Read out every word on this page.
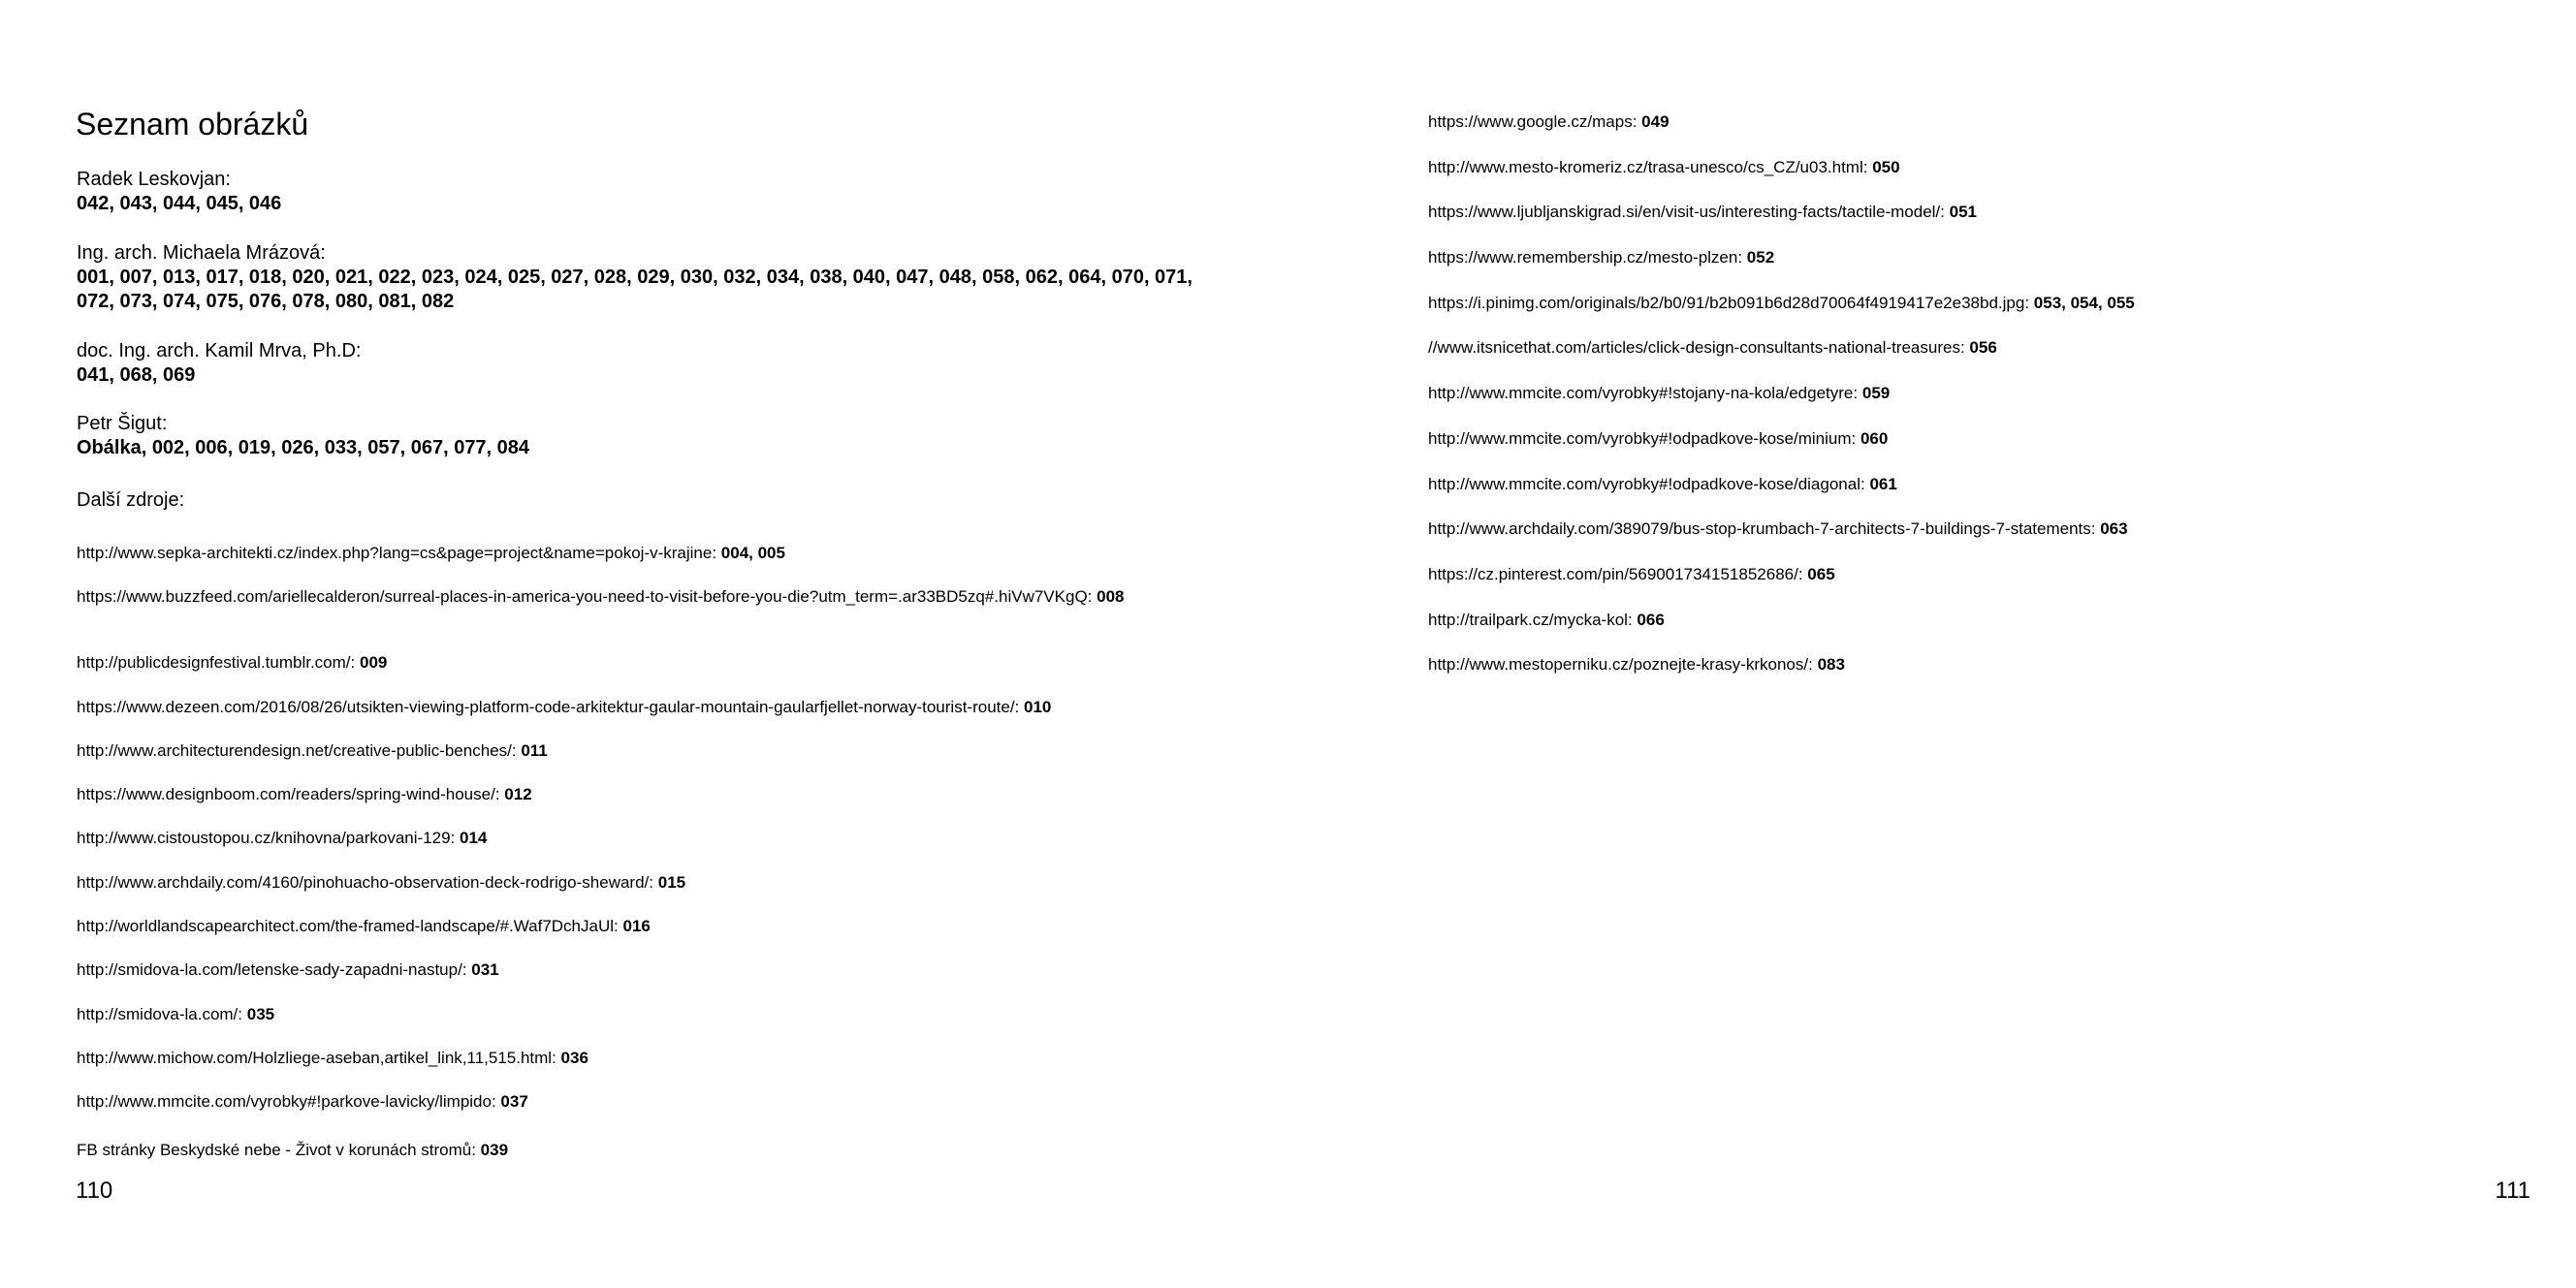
Seznam obrázků
Radek Leskovjan:
042, 043, 044, 045, 046
Ing. arch. Michaela Mrázová:
001, 007, 013, 017, 018, 020, 021, 022, 023, 024, 025, 027, 028, 029, 030, 032, 034, 038, 040, 047, 048, 058, 062, 064, 070, 071, 072, 073, 074, 075, 076, 078, 080, 081, 082
doc. Ing. arch. Kamil Mrva, Ph.D:
041, 068, 069
Petr Šigut:
Obálka, 002, 006, 019, 026, 033, 057, 067, 077, 084
Další zdroje:
http://www.sepka-architekti.cz/index.php?lang=cs&page=project&name=pokoj-v-krajine: 004, 005
https://www.buzzfeed.com/ariellecalderon/surreal-places-in-america-you-need-to-visit-before-you-die?utm_term=.ar33BD5zq#.hiVw7VKgQ: 008
http://publicdesignfestival.tumblr.com/: 009
https://www.dezeen.com/2016/08/26/utsikten-viewing-platform-code-arkitektur-gaular-mountain-gaularfjellet-norway-tourist-route/: 010
http://www.architecturendesign.net/creative-public-benches/: 011
https://www.designboom.com/readers/spring-wind-house/: 012
http://www.cistoustopou.cz/knihovna/parkovani-129: 014
http://www.archdaily.com/4160/pinohuacho-observation-deck-rodrigo-sheward/: 015
http://worldlandscapearchitect.com/the-framed-landscape/#.Waf7DchJaUl: 016
http://smidova-la.com/letenske-sady-zapadni-nastup/: 031
http://smidova-la.com/: 035
http://www.michow.com/Holzliege-aseban,artikel_link,11,515.html: 036
http://www.mmcite.com/vyrobky#!parkove-lavicky/limpido: 037
FB stránky Beskydské nebe - Život v korunách stromů: 039
110
https://www.google.cz/maps: 049
http://www.mesto-kromeriz.cz/trasa-unesco/cs_CZ/u03.html: 050
https://www.ljubljanskigrad.si/en/visit-us/interesting-facts/tactile-model/: 051
https://www.remembership.cz/mesto-plzen: 052
https://i.pinimg.com/originals/b2/b0/91/b2b091b6d28d70064f4919417e2e38bd.jpg: 053, 054, 055
//www.itsnicethat.com/articles/click-design-consultants-national-treasures: 056
http://www.mmcite.com/vyrobky#!stojany-na-kola/edgetyre: 059
http://www.mmcite.com/vyrobky#!odpadkove-kose/minium: 060
http://www.mmcite.com/vyrobky#!odpadkove-kose/diagonal: 061
http://www.archdaily.com/389079/bus-stop-krumbach-7-architects-7-buildings-7-statements: 063
https://cz.pinterest.com/pin/569001734151852686/: 065
http://trailpark.cz/mycka-kol: 066
http://www.mestoperniku.cz/poznejte-krasy-krkonos/: 083
111
